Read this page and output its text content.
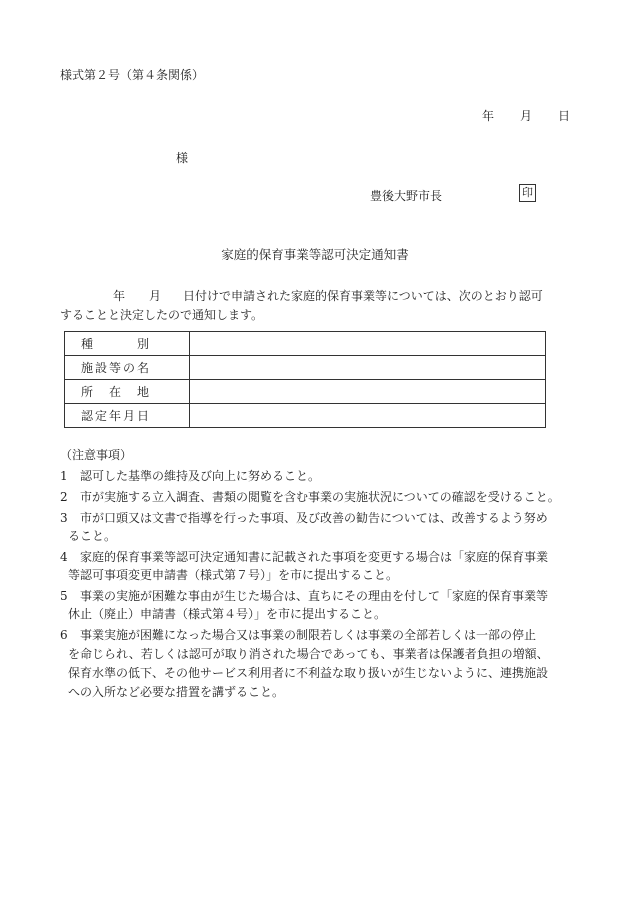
様式第２号（第４条関係）
年 月 日
様
豊後大野市長	印
家庭的保育事業等認可決定通知書
年 月 日付けで申請された家庭的保育事業等については、次のとおり認可
することと決定したので通知します。
種　　　別	
施設等の名	
所　在　地	
認定年月日	
（注意事項）
1 認可した基準の維持及び向上に努めること。
2 市が実施する立入調査、書類の閲覧を含む事業の実施状況についての確認を受けること。
3 市が口頭又は文書で指導を行った事項、及び改善の勧告については、改善するよう努め
ること。
4 家庭的保育事業等認可決定通知書に記載された事項を変更する場合は「家庭的保育事業
等認可事項変更申請書（様式第７号）」を市に提出すること。
5 事業の実施が困難な事由が生じた場合は、直ちにその理由を付して「家庭的保育事業等
休止（廃止）申請書（様式第４号）」を市に提出すること。
6 事業実施が困難になった場合又は事業の制限若しくは事業の全部若しくは一部の停止
を命じられ、若しくは認可が取り消された場合であっても、事業者は保護者負担の増額、
保育水準の低下、その他サービス利用者に不利益な取り扱いが生じないように、連携施設
への入所など必要な措置を講ずること。
